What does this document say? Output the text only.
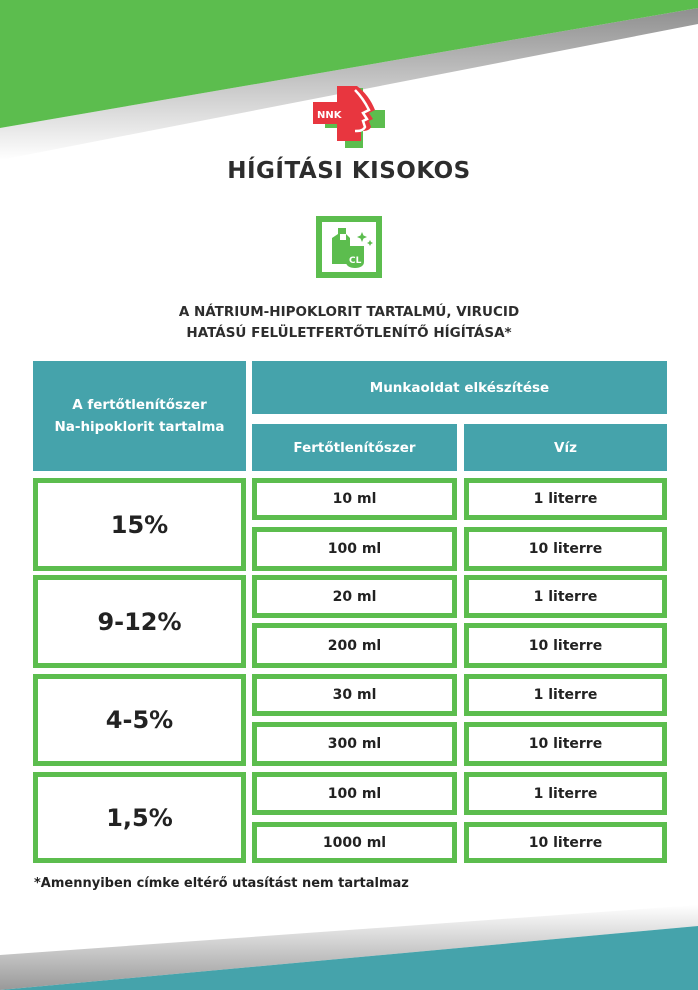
NNK
HÍGÍTÁSI KISOKOS
CL
A NÁTRIUM-HIPOKLORIT TARTALMÚ, VIRUCID
HATÁSÚ FELÜLETFERTŐTLENÍTŐ HÍGÍTÁSA*
A fertőtlenítőszer
Na-hipoklorit tartalma
Munkaoldat elkészítése
Fertőtlenítőszer	Víz
15%
10 ml	1 literre
100 ml	10 literre
9-12%
20 ml	1 literre
200 ml	10 literre
4-5%
30 ml	1 literre
300 ml	10 literre
1,5%
100 ml	1 literre
1000 ml	10 literre
*Amennyiben címke eltérő utasítást nem tartalmaz
